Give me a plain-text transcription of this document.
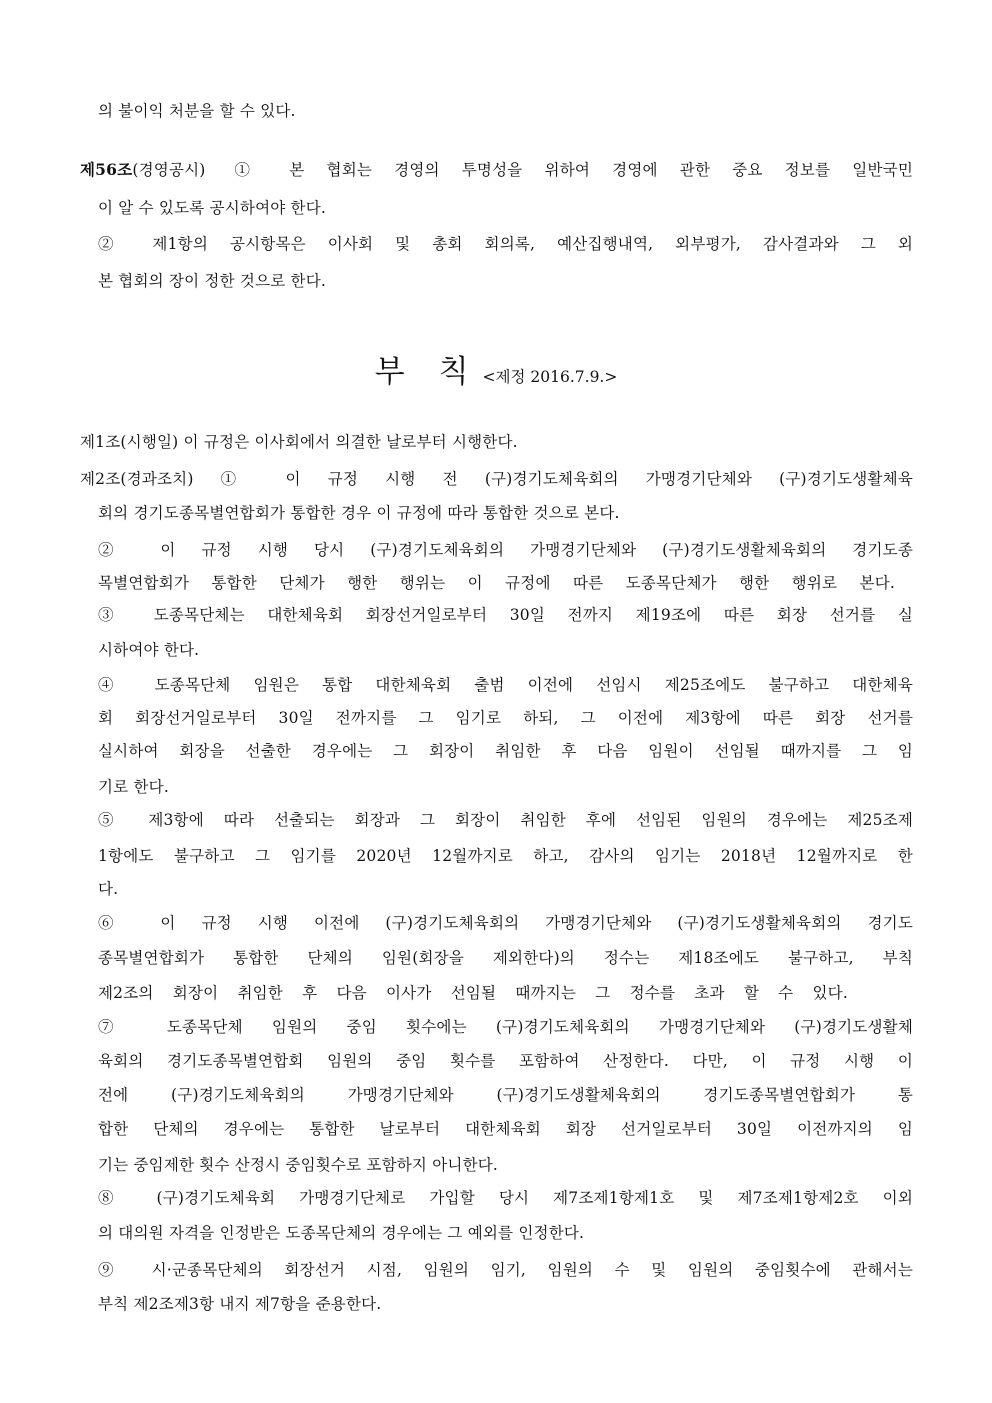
의 불이익 처분을 할 수 있다.
제56조(경영공시) ① 본 협회는 경영의 투명성을 위하여 경영에 관한 중요 정보를 일반국민
이 알 수 있도록 공시하여야 한다.
② 제1항의 공시항목은 이사회 및 총회 회의록, 예산집행내역, 외부평가, 감사결과와 그 외
본 협회의 장이 정한 것으로 한다.
부 칙 <제정 2016.7.9.>
제1조(시행일) 이 규정은 이사회에서 의결한 날로부터 시행한다.
제2조(경과조치) ① 이 규정 시행 전 (구)경기도체육회의 가맹경기단체와 (구)경기도생활체육
회의 경기도종목별연합회가 통합한 경우 이 규정에 따라 통합한 것으로 본다.
② 이 규정 시행 당시 (구)경기도체육회의 가맹경기단체와 (구)경기도생활체육회의 경기도종
목별연합회가 통합한 단체가 행한 행위는 이 규정에 따른 도종목단체가 행한 행위로 본다.
③ 도종목단체는 대한체육회 회장선거일로부터 30일 전까지 제19조에 따른 회장 선거를 실
시하여야 한다.
④ 도종목단체 임원은 통합 대한체육회 출범 이전에 선임시 제25조에도 불구하고 대한체육
회 회장선거일로부터 30일 전까지를 그 임기로 하되, 그 이전에 제3항에 따른 회장 선거를
실시하여 회장을 선출한 경우에는 그 회장이 취임한 후 다음 임원이 선임될 때까지를 그 임
기로 한다.
⑤ 제3항에 따라 선출되는 회장과 그 회장이 취임한 후에 선임된 임원의 경우에는 제25조제
1항에도 불구하고 그 임기를 2020년 12월까지로 하고, 감사의 임기는 2018년 12월까지로 한
다.
⑥ 이 규정 시행 이전에 (구)경기도체육회의 가맹경기단체와 (구)경기도생활체육회의 경기도
종목별연합회가 통합한 단체의 임원(회장을 제외한다)의 정수는 제18조에도 불구하고, 부칙
제2조의 회장이 취임한 후 다음 이사가 선임될 때까지는 그 정수를 초과 할 수 있다.
⑦ 도종목단체 임원의 중임 횟수에는 (구)경기도체육회의 가맹경기단체와 (구)경기도생활체
육회의 경기도종목별연합회 임원의 중임 횟수를 포함하여 산정한다. 다만, 이 규정 시행 이
전에 (구)경기도체육회의 가맹경기단체와 (구)경기도생활체육회의 경기도종목별연합회가 통
합한 단체의 경우에는 통합한 날로부터 대한체육회 회장 선거일로부터 30일 이전까지의 임
기는 중임제한 횟수 산정시 중임횟수로 포함하지 아니한다.
⑧ (구)경기도체육회 가맹경기단체로 가입할 당시 제7조제1항제1호 및 제7조제1항제2호 이외
의 대의원 자격을 인정받은 도종목단체의 경우에는 그 예외를 인정한다.
⑨ 시·군종목단체의 회장선거 시점, 임원의 임기, 임원의 수 및 임원의 중임횟수에 관해서는
부칙 제2조제3항 내지 제7항을 준용한다.
